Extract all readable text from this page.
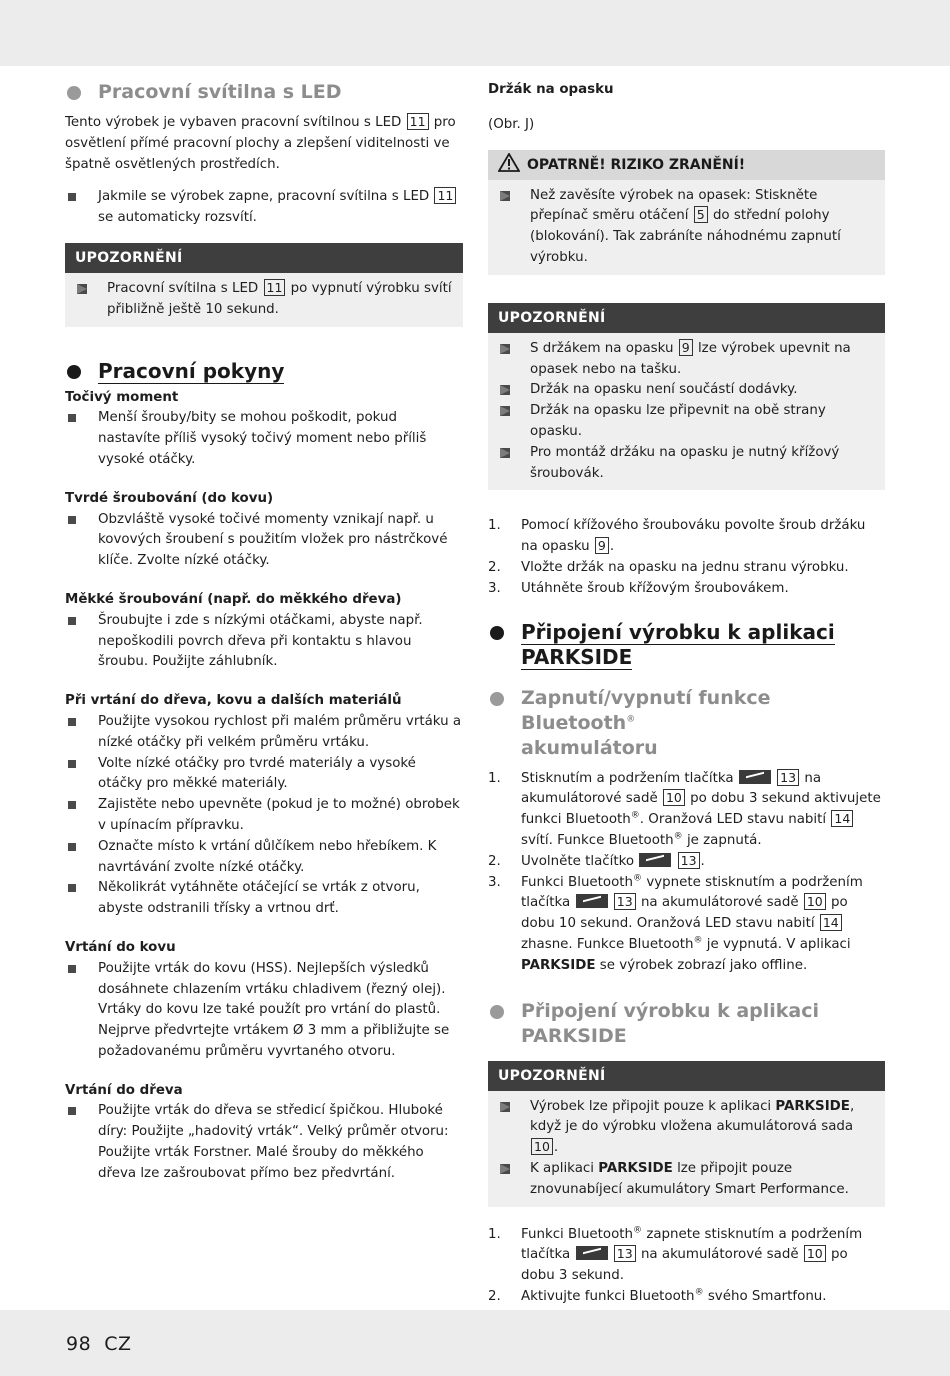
Pracovní svítilna s LED

Tento výrobek je vybaven pracovní svítilnou s LED 11 pro osvětlení přímé pracovní plochy a zlepšení viditelnosti ve špatně osvětlených prostředích.

Jakmile se výrobek zapne, pracovní svítilna s LED 11 se automaticky rozsvítí.
UPOZORNĚNÍ
Pracovní svítilna s LED 11 po vypnutí výrobku svítí přibližně ještě 10 sekund.
Pracovní pokyny
Točivý moment
Menší šrouby/bity se mohou poškodit, pokud nastavíte příliš vysoký točivý moment nebo příliš vysoké otáčky.
Tvrdé šroubování (do kovu)
Obzvláště vysoké točivé momenty vznikají např. u kovových šroubení s použitím vložek pro nástrčkové klíče. Zvolte nízké otáčky.
Měkké šroubování (např. do měkkého dřeva)
Šroubujte i zde s nízkými otáčkami, abyste např. nepoškodili povrch dřeva při kontaktu s hlavou šroubu. Použijte záhlubník.
Při vrtání do dřeva, kovu a dalších materiálů
Použijte vysokou rychlost při malém průměru vrtáku a nízké otáčky při velkém průměru vrtáku.
Volte nízké otáčky pro tvrdé materiály a vysoké otáčky pro měkké materiály.
Zajistěte nebo upevněte (pokud je to možné) obrobek v upínacím přípravku.
Označte místo k vrtání důlčíkem nebo hřebíkem. K navrtávání zvolte nízké otáčky.
Několikrát vytáhněte otáčející se vrták z otvoru, abyste odstranili třísky a vrtnou drť.
Vrtání do kovu
Použijte vrták do kovu (HSS). Nejlepších výsledků dosáhnete chlazením vrtáku chladivem (řezný olej). Vrtáky do kovu lze také použít pro vrtání do plastů. Nejprve předvrtejte vrtákem Ø 3 mm a přibližujte se požadovanému průměru vyvrtaného otvoru.
Vrtání do dřeva
Použijte vrták do dřeva se středicí špičkou. Hluboké díry: Použijte „hadovitý vrták“. Velký průměr otvoru: Použijte vrták Forstner. Malé šrouby do měkkého dřeva lze zašroubovat přímo bez předvrtání.
Držák na opasku

(Obr. J)

OPATRNĚ! RIZIKO ZRANĚNÍ!
Než zavěsíte výrobek na opasek: Stiskněte přepínač směru otáčení 5 do střední polohy (blokování). Tak zabráníte náhodnému zapnutí výrobku.
UPOZORNĚNÍ
S držákem na opasku 9 lze výrobek upevnit na opasek nebo na tašku.
Držák na opasku není součástí dodávky.
Držák na opasku lze připevnit na obě strany opasku.
Pro montáž držáku na opasku je nutný křížový šroubovák.
1. Pomocí křížového šroubováku povolte šroub držáku na opasku 9 .
2. Vložte držák na opasku na jednu stranu výrobku.
3. Utáhněte šroub křížovým šroubovákem.
Připojení výrobku k aplikaci
PARKSIDE
Zapnutí/vypnutí funkce Bluetooth®
akumulátoru
1. Stisknutím a podržením tlačítka	13 na akumulátorové sadě 10 po dobu 3 sekund aktivujete funkci Bluetooth®. Oranžová LED stavu nabití 14 svítí. Funkce Bluetooth® je zapnutá.
2. Uvolněte tlačítko	13 .
3. Funkci Bluetooth® vypnete stisknutím a podržením tlačítka	13 na akumulátorové sadě 10 po dobu 10 sekund. Oranžová LED stavu nabití 14 zhasne. Funkce Bluetooth® je vypnutá. V aplikaci PARKSIDE se výrobek zobrazí jako offline.
Připojení výrobku k aplikaci
PARKSIDE
UPOZORNĚNÍ
Výrobek lze připojit pouze k aplikaci PARKSIDE, když je do výrobku vložena akumulátorová sada 10 .
K aplikaci PARKSIDE lze připojit pouze znovunabíjecí akumulátory Smart Performance.
1. Funkci Bluetooth® zapnete stisknutím a podržením tlačítka	13 na akumulátorové sadě 10 po dobu 3 sekund.
2. Aktivujte funkci Bluetooth® svého Smartfonu.
98 CZ
